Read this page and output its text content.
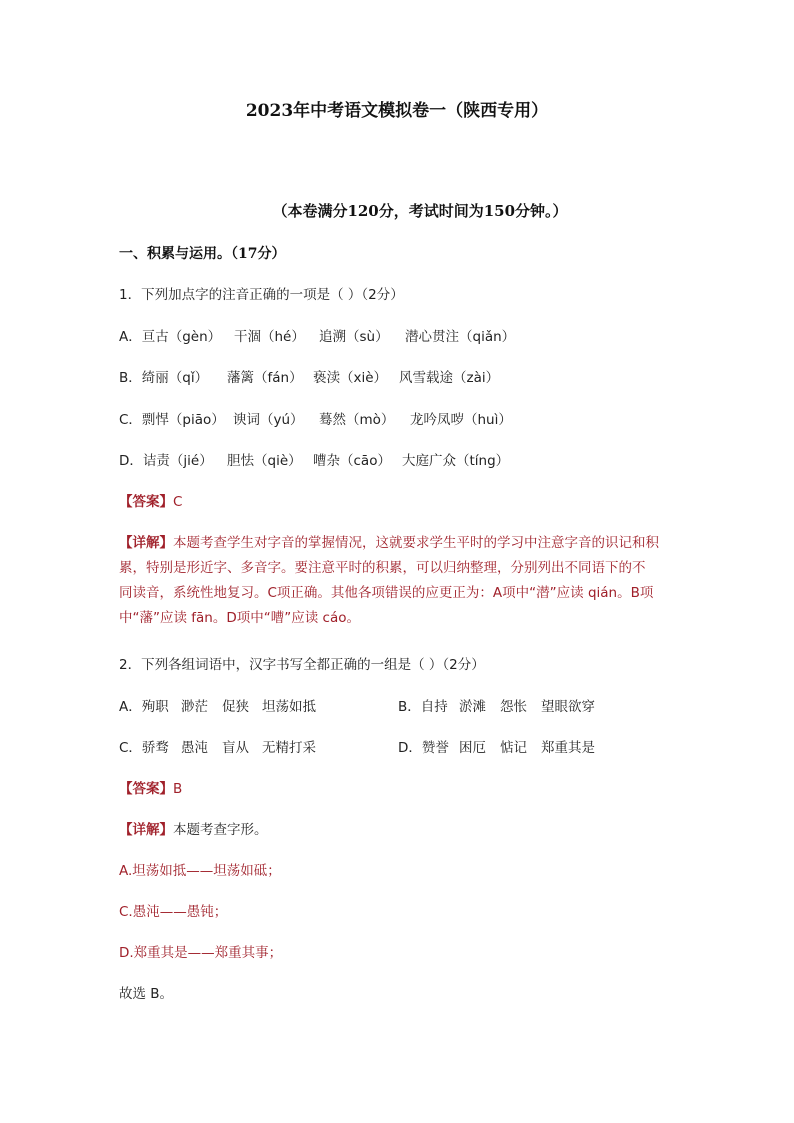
2023年中考语文模拟卷一（陕西专用）
（本卷满分120分，考试时间为150分钟。）
一、积累与运用。（17分）
1．下列加点字的注音正确的一项是（ ）（2分）
A．亘古（gèn） 干涸（hé） 追溯（sù） 潜心贯注（qiǎn）
B．绮丽（qǐ） 藩篱（fán） 亵渎（xiè） 风雪载途（zài）
C．剽悍（piāo） 谀词（yú） 蓦然（mò） 龙吟凤哕（huì）
D．诘责（jié） 胆怯（qiè） 嘈杂（cāo） 大庭广众（tíng）
【答案】C
【详解】本题考查学生对字音的掌握情况，这就要求学生平时的学习中注意字音的识记和积
累，特别是形近字、多音字。要注意平时的积累，可以归纳整理，分别列出不同语下的不
同读音，系统性地复习。C项正确。其他各项错误的应更正为：A项中“潜”应读 qián。B项
中“藩”应读 fān。D项中“嘈”应读 cáo。
2．下列各组词语中，汉字书写全都正确的一组是（ ）（2分）
A．殉职 渺茫 促狭 坦荡如抵	B．自持 淤滩 怨怅 望眼欲穿
C．骄骛 愚沌 盲从 无精打采	D．赞誉 困厄 惦记 郑重其是
【答案】B
【详解】本题考查字形。
A.坦荡如抵——坦荡如砥；
C.愚沌——愚钝；
D.郑重其是——郑重其事；
故选 B。
